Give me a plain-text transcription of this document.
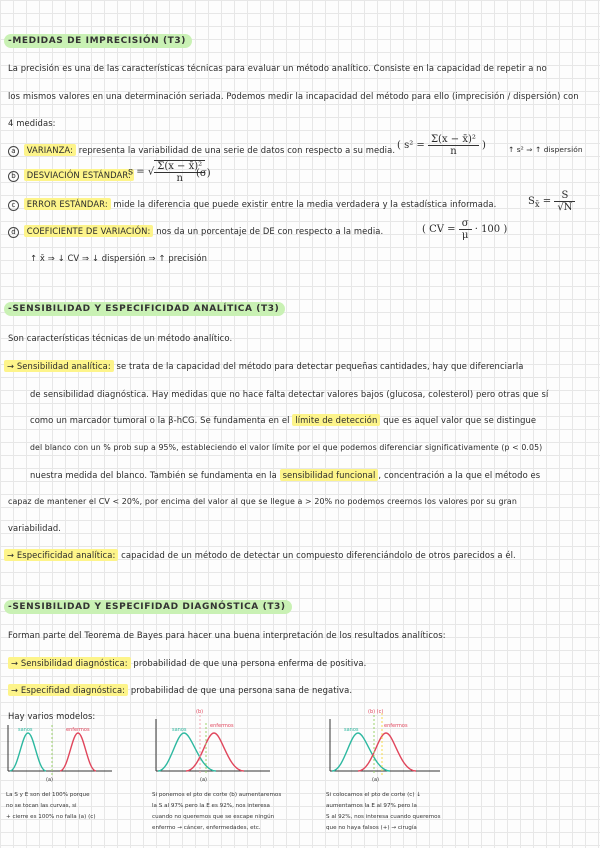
-MEDIDAS DE IMPRECISIÓN (T3)
La precisión es una de las características técnicas para evaluar un método analítico. Consiste en la capacidad de repetir a no
los mismos valores en una determinación seriada. Podemos medir la incapacidad del método para ello (imprecisión / dispersión) con
4 medidas:
a VARIANZA: representa la variabilidad de una serie de datos con respecto a su media. ( $s^2 = \frac{\text{Σ(x − x̄)²}}{n}$ )	↑ s² ⇒ ↑ dispersión
b DESVIACIÓN ESTÁNDAR:
s = √ $\frac{\text{Σ(x − x̄)²}}{n}$
(σ)
c ERROR ESTÁNDAR: mide la diferencia que puede existir entre la media verdadera y la estadística informada.	$S_{x̄} = \frac{S}{√N}$
d COEFICIENTE DE VARIACIÓN: nos da un porcentaje de DE con respecto a la media.	( CV = $\frac{\sigma}{\mu} \cdot 100$ )
↑ x̄ ⇒ ↓ CV ⇒ ↓ dispersión ⇒ ↑ precisión
-SENSIBILIDAD Y ESPECIFICIDAD ANALÍTICA (T3)
Son características técnicas de un método analítico.
→ Sensibilidad analítica: se trata de la capacidad del método para detectar pequeñas cantidades, hay que diferenciarla
de sensibilidad diagnóstica. Hay medidas que no hace falta detectar valores bajos (glucosa, colesterol) pero otras que sí
como un marcador tumoral o la β-hCG. Se fundamenta en el límite de detección que es aquel valor que se distingue
del blanco con un % prob sup a 95%, estableciendo el valor límite por el que podemos diferenciar significativamente (p < 0.05)
nuestra medida del blanco. También se fundamenta en la sensibilidad funcional , concentración a la que el método es
capaz de mantener el CV < 20%, por encima del valor al que se llegue a > 20% no podemos creernos los valores por su gran
variabilidad.
→ Especificidad analítica: capacidad de un método de detectar un compuesto diferenciándolo de otros parecidos a él.
-SENSIBILIDAD Y ESPECIFIDAD DIAGNÓSTICA (T3)
Forman parte del Teorema de Bayes para hacer una buena interpretación de los resultados analíticos:
→ Sensibilidad diagnóstica: probabilidad de que una persona enferma de positiva.
→ Especifidad diagnóstica: probabilidad de que una persona sana de negativa.
Hay varios modelos:
sanos	enfermos
(a)
sanos
enfermos
(b)
(a)
sanos
enfermos
(b) (c)
(a)
La S y E son del 100% porque
no se tocan las curvas, si
+ cierre es 100% no falla (a) (c)
Si ponemos el pto de corte (b) aumentaremos
la S al 97% pero la E es 92%, nos interesa
cuando no queremos que se escape ningún
enfermo → cáncer, enfermedades, etc.
Si colocamos el pto de corte (c) ↓
aumentamos la E al 97% pero la
S al 92%, nos interesa cuando queremos
que no haya falsos (+) → cirugía
